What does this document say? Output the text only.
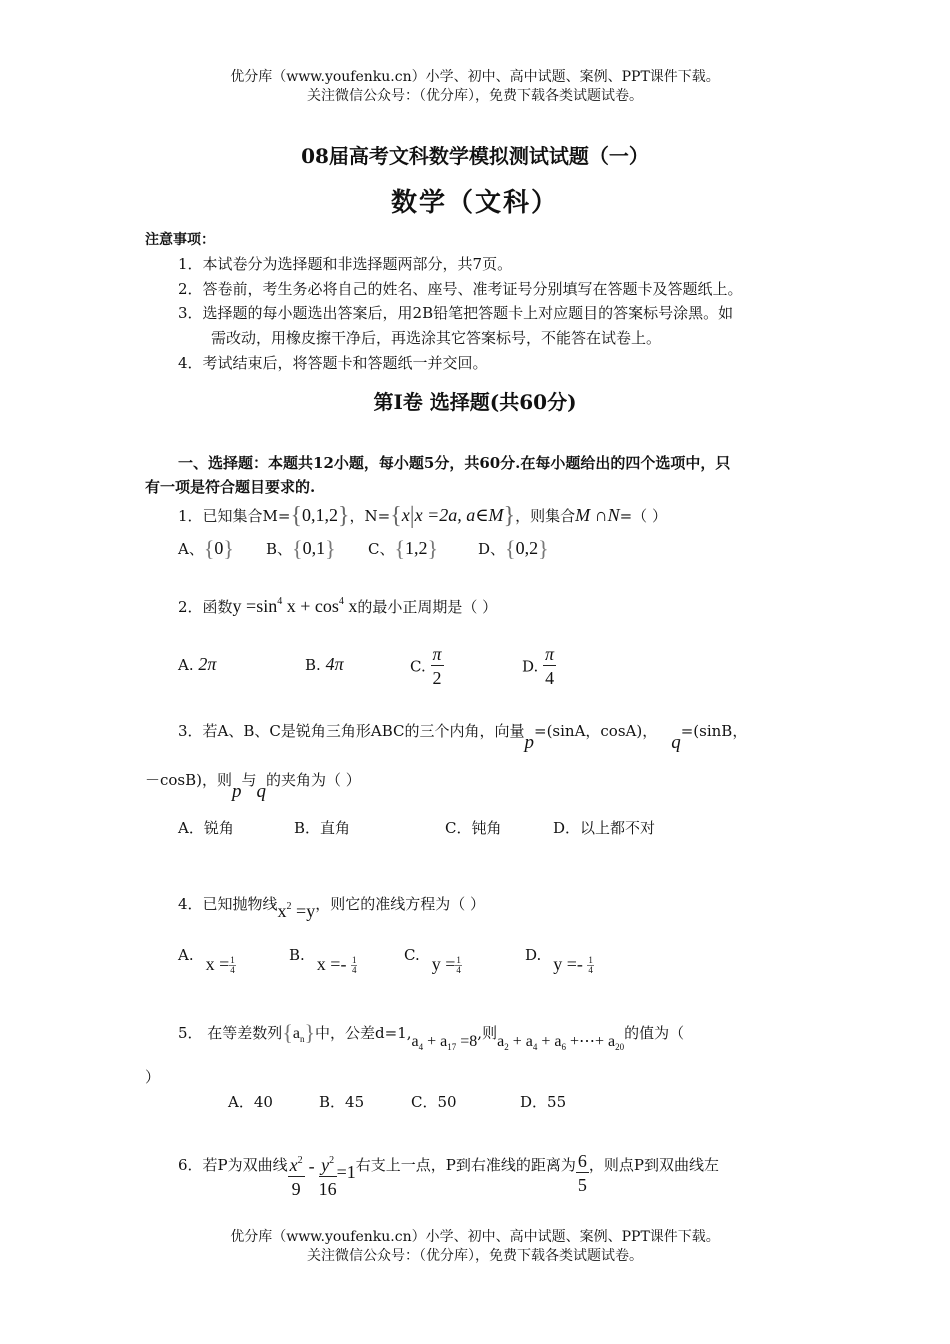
优分库（www.youfenku.cn）小学、初中、高中试题、案例、PPT课件下载。
关注微信公众号：（优分库），免费下载各类试题试卷。
08届高考文科数学模拟测试试题（一）
数学（文科）
注意事项：
1．本试卷分为选择题和非选择题两部分，共7页。
2．答卷前，考生务必将自己的姓名、座号、准考证号分别填写在答题卡及答题纸上。
3．选择题的每小题选出答案后，用2B铅笔把答题卡上对应题目的答案标号涂黑。如
需改动，用橡皮擦干净后，再选涂其它答案标号，不能答在试卷上。
4．考试结束后，将答题卡和答题纸一并交回。
第Ⅰ卷 选择题(共60分)
一、选择题：本题共12小题，每小题5分，共60分.在每小题给出的四个选项中，只
有一项是符合题目要求的.
1．已知集合M={0,1,2}，N={x|x =2a, a∈M}，则集合M ∩N=（ ）
A、{0} B、{0,1} C、{1,2}	D、{0,2}
2．函数$y =\sin^4$ $x + \cos^4 x$的最小正周期是（ ）
A. 2π	B. 4π	C. $\frac{\pi}{2}$	D. $\frac{\pi}{4}$
3．若A、B、C是锐角三角形ABC的三个内角，向量p=(sinA，cosA)，q=(sinB，
－cosB)，则p与q的夹角为（ ）
A．锐角	B．直角	C．钝角	D．以上都不对
4．已知抛物线$x^2 =y$，则它的准线方程为（ ）
A. $x = \frac{1}{4}$
B. $x =- \frac{1}{4}$
C. $y = \frac{1}{4}$
D. $y =- \frac{1}{4}$
5． 在等差数列$\{a_n\}$中，公差$d=1,a_4 + a_{17} =8$,则$a_2 + a_4 + a_6$ +⋯+ $a_{20}$的值为（
）
A．40	B．45	C．50	D．55
6．若P为双曲线 $\frac{x^2}{9} - \frac{y^2}{16} =1$右支上一点，P到右准线的距离为 $\frac{6}{5}$ ，则点P到双曲线左
优分库（www.youfenku.cn）小学、初中、高中试题、案例、PPT课件下载。
关注微信公众号：（优分库），免费下载各类试题试卷。
